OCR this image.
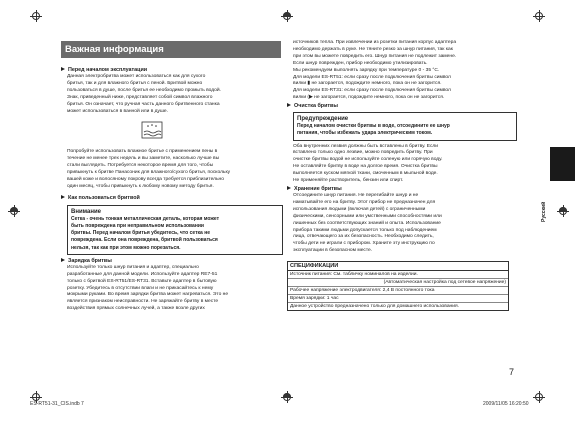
Важная информация
Перед началом эксплуатации

Данная электробритва может использоваться как для сухого

бритья, так и для влажного бритья с пеной. Бритвой можно

пользоваться в душе, после бритья ее необходимо промыть водой.

Знак, приведенный ниже, представляет собой символ влажного

бритья. Он означает, что ручная часть данного бритвенного станка

может использоваться в ванной или в душе.

Попробуйте использовать влажное бритье с применением пены в

течение не менее трех недель и вы заметите, насколько лучше вы

стали выглядеть. Потребуется некоторое время для того, чтобы

привыкнуть к бритве Панасоник для влажного/сухого бритья, поскольку

вашей коже и волосяному покрову всегда требуется приблизительно

один месяц, чтобы привыкнуть к любому новому методу бритья.

Как пользоваться бритвой
Внимание

Сетка - очень тонкая металлическая деталь, которая может

быть повреждена при неправильном использовании

бритвы. Перед началом бритья убедитесь, что сетка не

повреждена. Если она повреждена, бритвой пользоваться

нельзя, так как при этом можно порезаться.

Зарядка бритвы

Используйте только шнур питания и адаптер, специально

разработанные для данной модели. Используйте адаптер RE7-51

только с бритвой ES-RT51/ES-RT31. Вставьте адаптер в бытовую

розетку. Убедитесь в отсутствии влаги и не прикасайтесь к нему

мокрыми руками. Во время зарядки бритва может нагреваться. Это не

является признаком неисправности. Не заряжайте бритву в месте

воздействия прямых солнечных лучей, а также возле других

источников тепла. При извлечении из розетки питания корпус адаптера

необходимо держать в руке. Не тяните резко за шнур питания, так как

при этом вы можете повредить его. Шнур питания не подлежит замене.

Если шнур поврежден, прибор необходимо утилизировать.

Мы рекомендуем выполнять зарядку при температуре 0 - 35 °C.

Для модели ES-RT51: если сразу после подключения бритвы символ

вилки ▮ не загорается, подождите немного, пока он не загорится.

Для модели ES-RT31: если сразу после подключения бритвы символ

вилки (▶ не загорается, подождите немного, пока он не загорится.

Очистка бритвы
Предупреждение

Перед началом очистки бритвы в воде, отсоедините ее шнур

питания, чтобы избежать удара электрическим током.

Оба внутренних лезвия должны быть вставлены в бритву. Если

вставлено только одно лезвие, можно повредить бритву. При

очистке бритвы водой не используйте соленую или горячую воду.

Не оставляйте бритву в воде на долгое время. Очистка бритвы

выполняется куском мягкой ткани, смоченным в мыльной воде.

Не применяйте растворитель, бензин или спирт.

Хранение бритвы

Отсоедините шнур питания. Не перегибайте шнур и не

наматывайте его на бритву. Этот прибор не предназначен для

использования людьми (включая детей) с ограниченными

физическими, сенсорными или умственными способностями или

лишенных без соответствующих знаний и опыта. Использование

прибора такими людьми допускается только под наблюдением

лица, отвечающего за их безопасность. Необходимо следить,

чтобы дети не играли с прибором. Храните эту инструкцию по

эксплуатации в безопасном месте.

СПЕЦИФИКАЦИИ
Источник питания: См. табличку номиналов на изделии.
(Автоматическая настройка под сетевое напряжение)
Рабочее напряжение электродвигателя: 2,4 В постоянного тока
Время зарядки: 1 час
Данное устройство предназначено только для домашнего использования.
Русский
7
ES-RT51-31_CIS.indb 7	2009/11/05 16:20:50
